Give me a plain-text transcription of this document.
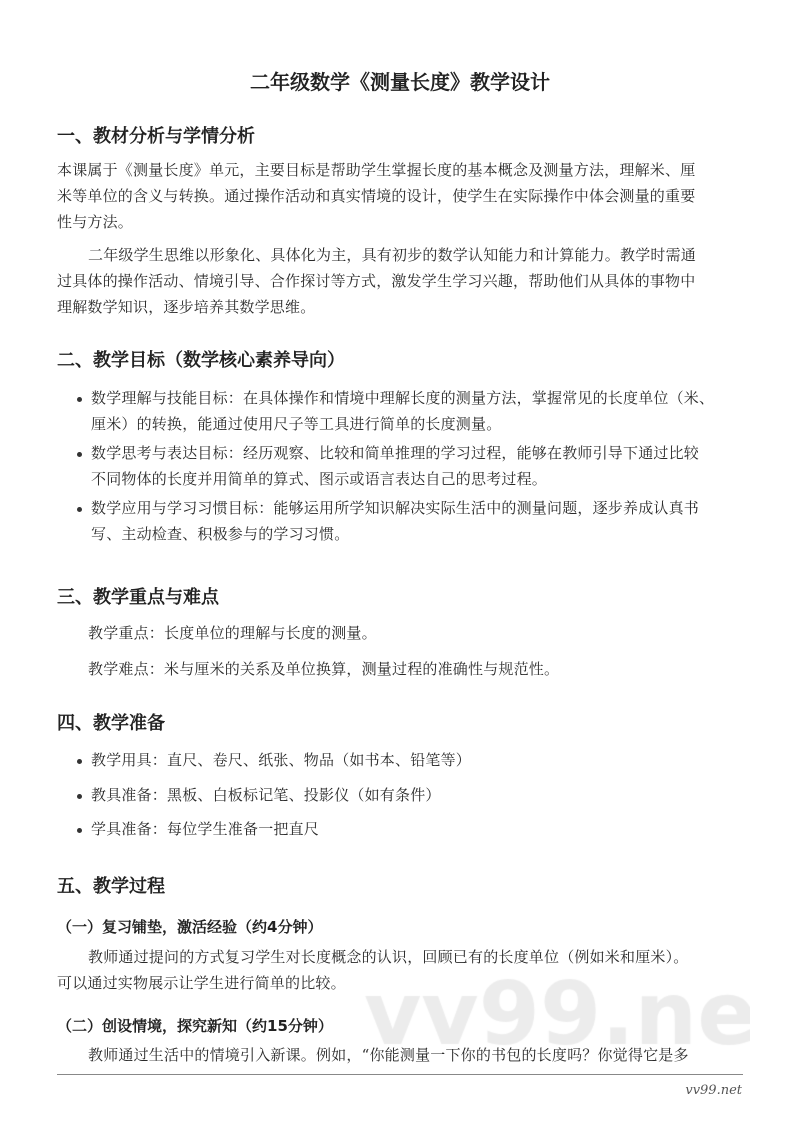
二年级数学《测量长度》教学设计
一、教材分析与学情分析
本课属于《测量长度》单元，主要目标是帮助学生掌握长度的基本概念及测量方法，理解米、厘
米等单位的含义与转换。通过操作活动和真实情境的设计，使学生在实际操作中体会测量的重要
性与方法。
二年级学生思维以形象化、具体化为主，具有初步的数学认知能力和计算能力。教学时需通
过具体的操作活动、情境引导、合作探讨等方式，激发学生学习兴趣，帮助他们从具体的事物中
理解数学知识，逐步培养其数学思维。
二、教学目标（数学核心素养导向）
数学理解与技能目标：在具体操作和情境中理解长度的测量方法，掌握常见的长度单位（米、
厘米）的转换，能通过使用尺子等工具进行简单的长度测量。
数学思考与表达目标：经历观察、比较和简单推理的学习过程，能够在教师引导下通过比较
不同物体的长度并用简单的算式、图示或语言表达自己的思考过程。
数学应用与学习习惯目标：能够运用所学知识解决实际生活中的测量问题，逐步养成认真书
写、主动检查、积极参与的学习习惯。
三、教学重点与难点
教学重点：长度单位的理解与长度的测量。
教学难点：米与厘米的关系及单位换算，测量过程的准确性与规范性。
四、教学准备
教学用具：直尺、卷尺、纸张、物品（如书本、铅笔等）
教具准备：黑板、白板标记笔、投影仪（如有条件）
学具准备：每位学生准备一把直尺
五、教学过程
（一）复习铺垫，激活经验（约4分钟）
教师通过提问的方式复习学生对长度概念的认识，回顾已有的长度单位（例如米和厘米）。
可以通过实物展示让学生进行简单的比较。
（二）创设情境，探究新知（约15分钟）
教师通过生活中的情境引入新课。例如，“你能测量一下你的书包的长度吗？你觉得它是多
vv99.net
